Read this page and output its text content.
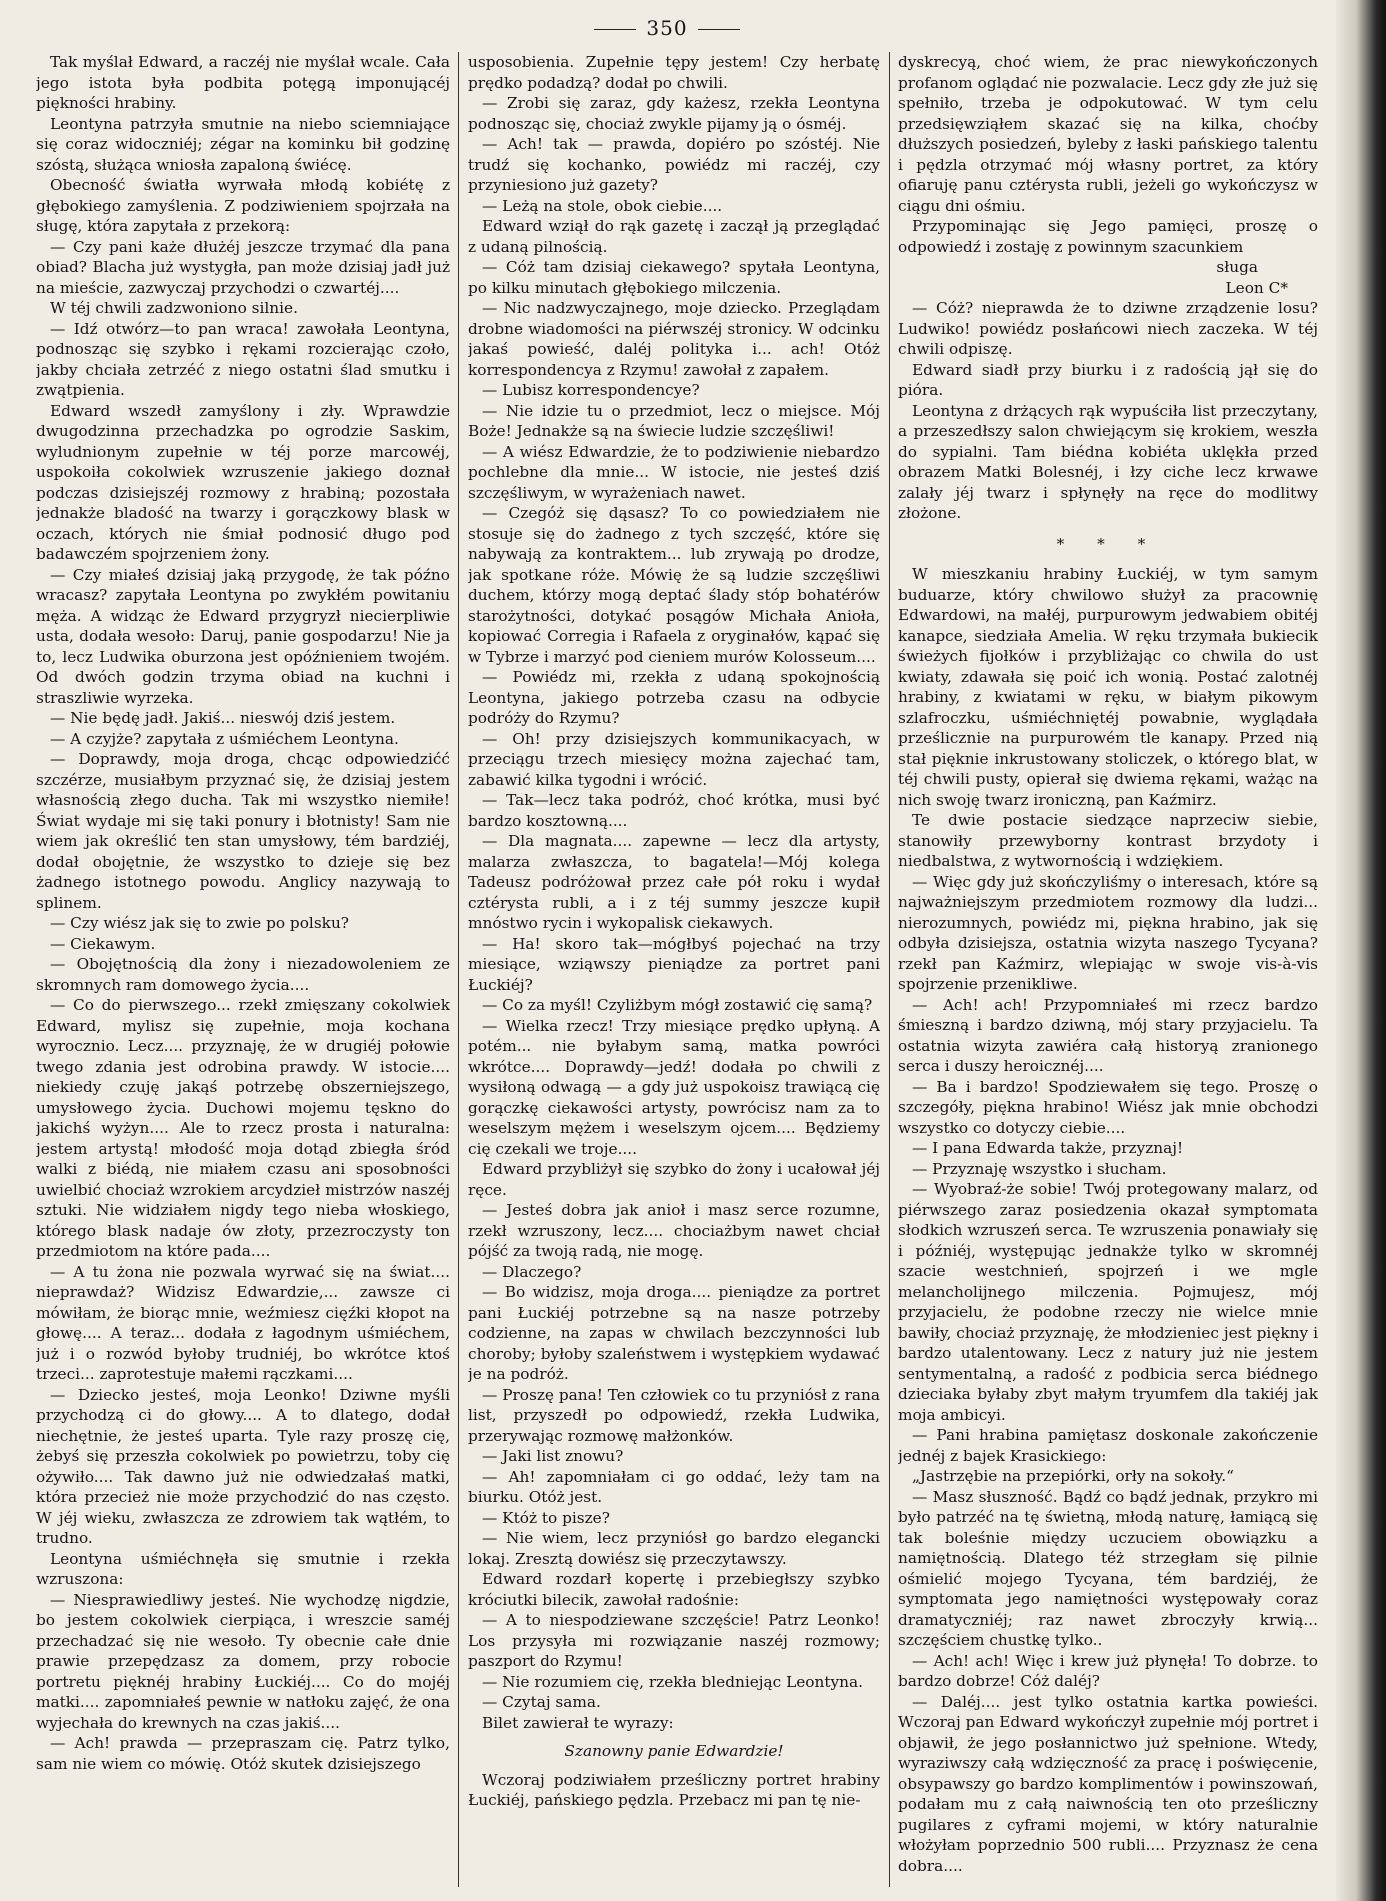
350

Tak myślał Edward, a raczéj nie myślał wcale. Cała jego istota była podbita potęgą imponującéj piękności hrabiny.

Leontyna patrzyła smutnie na niebo sciemniające się coraz widoczniéj; zégar na kominku bił godzinę szóstą, służąca wniosła zapaloną świécę.

Obecność światła wyrwała młodą kobiétę z głębokiego zamyślenia. Z podziwieniem spojrzała na sługę, która zapytała z przekorą:

— Czy pani każe dłużéj jeszcze trzymać dla pana obiad? Blacha już wystygła, pan może dzisiaj jadł już na mieście, zazwyczaj przychodzi o czwartéj....

W téj chwili zadzwoniono silnie.

— Idź otwórz—to pan wraca! zawołała Leontyna, podnosząc się szybko i rękami rozcierając czoło, jakby chciała zetrzéć z niego ostatni ślad smutku i zwątpienia.

Edward wszedł zamyślony i zły. Wprawdzie dwugodzinna przechadzka po ogrodzie Saskim, wyludnionym zupełnie w téj porze marcowéj, uspokoiła cokolwiek wzruszenie jakiego doznał podczas dzisiejszéj rozmowy z hrabiną; pozostała jednakże bladość na twarzy i gorączkowy blask w oczach, których nie śmiał podnosić długo pod badawczém spojrzeniem żony.

— Czy miałeś dzisiaj jaką przygodę, że tak późno wracasz? zapytała Leontyna po zwykłém powitaniu męża. A widząc że Edward przygryzł niecierpliwie usta, dodała wesoło: Daruj, panie gospodarzu! Nie ja to, lecz Ludwika oburzona jest opóźnieniem twojém. Od dwóch godzin trzyma obiad na kuchni i straszliwie wyrzeka.

— Nie będę jadł. Jakiś... nieswój dziś jestem.

— A czyjże? zapytała z uśmiéchem Leontyna.

— Doprawdy, moja droga, chcąc odpowiedzićć szczérze, musiałbym przyznać się, że dzisiaj jestem własnością złego ducha. Tak mi wszystko niemiłe! Świat wydaje mi się taki ponury i błotnisty! Sam nie wiem jak określić ten stan umysłowy, tém bardziéj, dodał obojętnie, że wszystko to dzieje się bez żadnego istotnego powodu. Anglicy nazywają to splinem.

— Czy wiész jak się to zwie po polsku?

— Ciekawym.

— Obojętnością dla żony i niezadowoleniem ze skromnych ram domowego życia....

— Co do pierwszego... rzekł zmięszany cokolwiek Edward, mylisz się zupełnie, moja kochana wyrocznio. Lecz.... przyznaję, że w drugiéj połowie twego zdania jest odrobina prawdy. W istocie.... niekiedy czuję jakąś potrzebę obszerniejszego, umysłowego życia. Duchowi mojemu tęskno do jakichś wyżyn.... Ale to rzecz prosta i naturalna: jestem artystą! młodość moja dotąd zbiegła śród walki z biédą, nie miałem czasu ani sposobności uwielbić chociaż wzrokiem arcydzieł mistrzów naszéj sztuki. Nie widziałem nigdy tego nieba włoskiego, którego blask nadaje ów złoty, przezroczysty ton przedmiotom na które pada....

— A tu żona nie pozwala wyrwać się na świat.... nieprawdaż? Widzisz Edwardzie,... zawsze ci mówiłam, że biorąc mnie, weźmiesz cięźki kłopot na głowę.... A teraz... dodała z łagodnym uśmiéchem, już i o rozwód byłoby trudniéj, bo wkrótce ktoś trzeci... zaprotestuje małemi rączkami....

— Dziecko jesteś, moja Leonko! Dziwne myśli przychodzą ci do głowy.... A to dlatego, dodał niechętnie, że jesteś uparta. Tyle razy proszę cię, żebyś się przeszła cokolwiek po powietrzu, toby cię ożywiło.... Tak dawno już nie odwiedzałaś matki, która przecież nie może przychodzić do nas często. W jéj wieku, zwłaszcza ze zdrowiem tak wątłém, to trudno.

Leontyna uśmiéchnęła się smutnie i rzekła wzruszona:

— Niesprawiedliwy jesteś. Nie wychodzę nigdzie, bo jestem cokolwiek cierpiąca, i wreszcie saméj przechadzać się nie wesoło. Ty obecnie całe dnie prawie przepędzasz za domem, przy robocie portretu pięknéj hrabiny Łuckiéj.... Co do mojéj matki.... zapomniałeś pewnie w natłoku zajęć, że ona wyjechała do krewnych na czas jakiś....

— Ach! prawda — przepraszam cię. Patrz tylko, sam nie wiem co mówię. Otóż skutek dzisiejszego

usposobienia. Zupełnie tępy jestem! Czy herbatę prędko podadzą? dodał po chwili.

— Zrobi się zaraz, gdy każesz, rzekła Leontyna podnosząc się, chociaż zwykle pijamy ją o ósméj.

— Ach! tak — prawda, dopiéro po szóstéj. Nie trudź się kochanko, powiédz mi raczéj, czy przyniesiono już gazety?

— Leżą na stole, obok ciebie....

Edward wziął do rąk gazetę i zaczął ją przeglądać z udaną pilnością.

— Cóż tam dzisiaj ciekawego? spytała Leontyna, po kilku minutach głębokiego milczenia.

— Nic nadzwyczajnego, moje dziecko. Przeglądam drobne wiadomości na piérwszéj stronicy. W odcinku jakaś powieść, daléj polityka i... ach! Otóż korrespondencya z Rzymu! zawołał z zapałem.

— Lubisz korrespondencye?

— Nie idzie tu o przedmiot, lecz o miejsce. Mój Boże! Jednakże są na świecie ludzie szczęśliwi!

— A wiész Edwardzie, że to podziwienie niebardzo pochlebne dla mnie... W istocie, nie jesteś dziś szczęśliwym, w wyrażeniach nawet.

— Czegóż się dąsasz? To co powiedziałem nie stosuje się do żadnego z tych szczęść, które się nabywają za kontraktem... lub zrywają po drodze, jak spotkane róże. Mówię że są ludzie szczęśliwi duchem, którzy mogą deptać ślady stóp bohatérów starożytności, dotykać posągów Michała Anioła, kopiować Corregia i Rafaela z oryginałów, kąpać się w Tybrze i marzyć pod cieniem murów Kolosseum....

— Powiédz mi, rzekła z udaną spokojnością Leontyna, jakiego potrzeba czasu na odbycie podróży do Rzymu?

— Oh! przy dzisiejszych kommunikacyach, w przeciągu trzech miesięcy można zajechać tam, zabawić kilka tygodni i wrócić.

— Tak—lecz taka podróż, choć krótka, musi być bardzo kosztowną....

— Dla magnata.... zapewne — lecz dla artysty, malarza zwłaszcza, to bagatela!—Mój kolega Tadeusz podróżował przez całe pół roku i wydał cztérysta rubli, a i z téj summy jeszcze kupił mnóstwo rycin i wykopalisk ciekawych.

— Ha! skoro tak—mógłbyś pojechać na trzy miesiące, wziąwszy pieniądze za portret pani Łuckiéj?

— Co za myśl! Czyliżbym mógł zostawić cię samą?

— Wielka rzecz! Trzy miesiące prędko upłyną. A potém... nie byłabym samą, matka powróci wkrótce.... Doprawdy—jedź! dodała po chwili z wysiłoną odwagą — a gdy już uspokoisz trawiącą cię gorączkę ciekawości artysty, powrócisz nam za to weselszym mężem i weselszym ojcem.... Będziemy cię czekali we troje....

Edward przybliżył się szybko do żony i ucałował jéj ręce.

— Jesteś dobra jak anioł i masz serce rozumne, rzekł wzruszony, lecz.... chociażbym nawet chciał pójść za twoją radą, nie mogę.

— Dlaczego?

— Bo widzisz, moja droga.... pieniądze za portret pani Łuckiéj potrzebne są na nasze potrzeby codzienne, na zapas w chwilach bezczynności lub choroby; byłoby szaleństwem i występkiem wydawać je na podróż.

— Proszę pana! Ten człowiek co tu przyniósł z rana list, przyszedł po odpowiedź, rzekła Ludwika, przerywając rozmowę małżonków.

— Jaki list znowu?

— Ah! zapomniałam ci go oddać, leży tam na biurku. Otóż jest.

— Któż to pisze?

— Nie wiem, lecz przyniósł go bardzo elegancki lokaj. Zresztą dowiész się przeczytawszy.

Edward rozdarł kopertę i przebiegłszy szybko króciutki bilecik, zawołał radośnie:

— A to niespodziewane szczęście! Patrz Leonko! Los przysyła mi rozwiązanie naszéj rozmowy; paszport do Rzymu!

— Nie rozumiem cię, rzekła bledniejąc Leontyna.

— Czytaj sama.

Bilet zawierał te wyrazy:

Szanowny panie Edwardzie!

Wczoraj podziwiałem prześliczny portret hrabiny Łuckiéj, pańskiego pędzla. Przebacz mi pan tę nie-

dyskrecyą, choć wiem, że prac niewykończonych profanom oglądać nie pozwalacie. Lecz gdy złe już się spełniło, trzeba je odpokutować. W tym celu przedsięwziąłem skazać się na kilka, choćby dłuższych posiedzeń, byleby z łaski pańskiego talentu i pędzla otrzymać mój własny portret, za który ofiaruję panu cztérysta rubli, jeżeli go wykończysz w ciągu dni ośmiu.

Przypominając się Jego pamięci, proszę o odpowiedź i zostaję z powinnym szacunkiem

sługa

Leon C*

— Cóż? nieprawda że to dziwne zrządzenie losu? Ludwiko! powiédz posłańcowi niech zaczeka. W téj chwili odpiszę.

Edward siadł przy biurku i z radością jął się do pióra.

Leontyna z drżących rąk wypuściła list przeczytany, a przeszedłszy salon chwiejącym się krokiem, weszła do sypialni. Tam biédna kobiéta uklękła przed obrazem Matki Bolesnéj, i łzy ciche lecz krwawe zalały jéj twarz i spłynęły na ręce do modlitwy złożone.

* * *

W mieszkaniu hrabiny Łuckiéj, w tym samym buduarze, który chwilowo służył za pracownię Edwardowi, na małéj, purpurowym jedwabiem obitéj kanapce, siedziała Amelia. W ręku trzymała bukiecik świeżych fijołków i przybliżając co chwila do ust kwiaty, zdawała się poić ich wonią. Postać zalotnéj hrabiny, z kwiatami w ręku, w białym pikowym szlafroczku, uśmiéchniętéj powabnie, wyglądała prześlicznie na purpurowém tle kanapy. Przed nią stał pięknie inkrustowany stoliczek, o którego blat, w téj chwili pusty, opierał się dwiema rękami, ważąc na nich swoję twarz ironiczną, pan Kaźmirz.

Te dwie postacie siedzące naprzeciw siebie, stanowiły przewyborny kontrast brzydoty i niedbalstwa, z wytwornością i wdziękiem.

— Więc gdy już skończyliśmy o interesach, które są najważniejszym przedmiotem rozmowy dla ludzi... nierozumnych, powiédz mi, piękna hrabino, jak się odbyła dzisiejsza, ostatnia wizyta naszego Tycyana? rzekł pan Kaźmirz, wlepiając w swoje vis-à-vis spojrzenie przenikliwe.

— Ach! ach! Przypomniałeś mi rzecz bardzo śmieszną i bardzo dziwną, mój stary przyjacielu. Ta ostatnia wizyta zawiéra całą historyą zranionego serca i duszy heroicznéj....

— Ba i bardzo! Spodziewałem się tego. Proszę o szczegóły, piękna hrabino! Wiész jak mnie obchodzi wszystko co dotyczy ciebie....

— I pana Edwarda także, przyznaj!

— Przyznaję wszystko i słucham.

— Wyobraź-że sobie! Twój protegowany malarz, od piérwszego zaraz posiedzenia okazał symptomata słodkich wzruszeń serca. Te wzruszenia ponawiały się i późniéj, występując jednakże tylko w skromnéj szacie westchnień, spojrzeń i we mgle melancholijnego milczenia. Pojmujesz, mój przyjacielu, że podobne rzeczy nie wielce mnie bawiły, chociaż przyznaję, że młodzieniec jest piękny i bardzo utalentowany. Lecz z natury już nie jestem sentymentalną, a radość z podbicia serca biédnego dzieciaka byłaby zbyt małym tryumfem dla takiéj jak moja ambicyi.

— Pani hrabina pamiętasz doskonale zakończenie jednéj z bajek Krasickiego:

„Jastrzębie na przepiórki, orły na sokoły.“

— Masz słuszność. Bądź co bądź jednak, przykro mi było patrzéć na tę świetną, młodą naturę, łamiącą się tak boleśnie między uczuciem obowiązku a namiętnością. Dlatego téż strzegłam się pilnie ośmielić mojego Tycyana, tém bardziéj, że symptomata jego namiętności występowały coraz dramatyczniéj; raz nawet zbroczyły krwią... szczęściem chustkę tylko..

— Ach! ach! Więc i krew już płynęła! To dobrze. to bardzo dobrze! Cóż daléj?

— Daléj.... jest tylko ostatnia kartka powieści. Wczoraj pan Edward wykończył zupełnie mój portret i objawił, że jego posłannictwo już spełnione. Wtedy, wyraziwszy całą wdzięczność za pracę i poświęcenie, obsypawszy go bardzo komplimentów i powinszowań, podałam mu z całą naiwnością ten oto prześliczny pugilares z cyframi mojemi, w który naturalnie włożyłam poprzednio 500 rubli.... Przyznasz że cena dobra....
